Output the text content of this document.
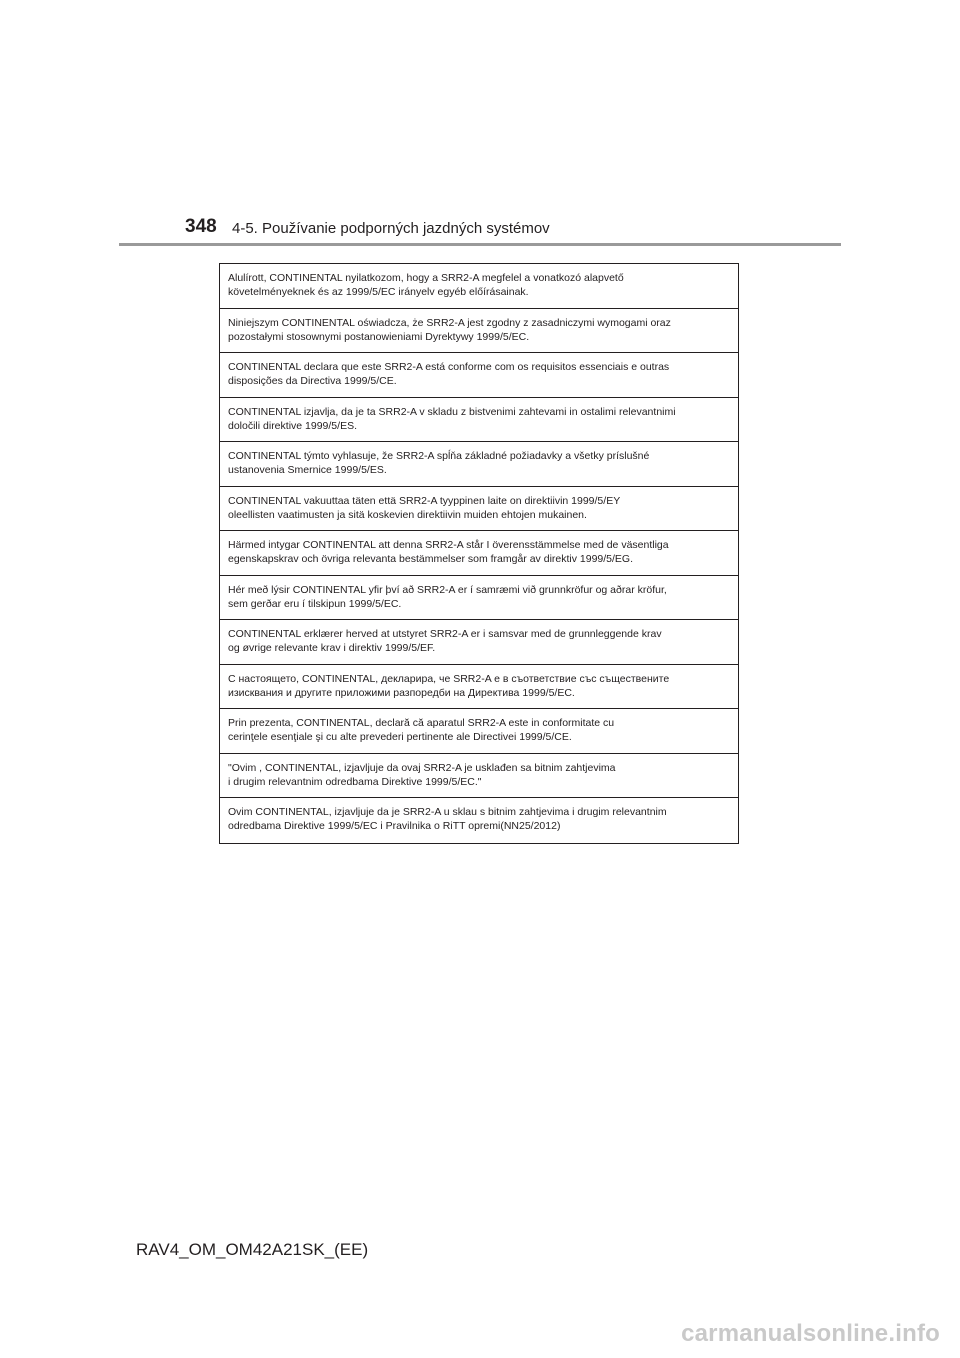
348 4-5. Používanie podporných jazdných systémov
Alulírott, CONTINENTAL nyilatkozom, hogy a SRR2-A megfelel a vonatkozó alapvető
követelményeknek és az 1999/5/EC irányelv egyéb előírásainak.
Niniejszym CONTINENTAL oświadcza, że SRR2-A jest zgodny z zasadniczymi wymogami oraz
pozostałymi stosownymi postanowieniami Dyrektywy 1999/5/EC.
CONTINENTAL declara que este SRR2-A está conforme com os requisitos essenciais e outras
disposições da Directiva 1999/5/CE.
CONTINENTAL izjavlja, da je ta SRR2-A v skladu z bistvenimi zahtevami in ostalimi relevantnimi
določili direktive 1999/5/ES.
CONTINENTAL týmto vyhlasuje, že SRR2-A spĺňa základné požiadavky a všetky príslušné
ustanovenia Smernice 1999/5/ES.
CONTINENTAL vakuuttaa täten että SRR2-A tyyppinen laite on direktiivin 1999/5/EY
oleellisten vaatimusten ja sitä koskevien direktiivin muiden ehtojen mukainen.
Härmed intygar CONTINENTAL att denna SRR2-A står I överensstämmelse med de väsentliga
egenskapskrav och övriga relevanta bestämmelser som framgår av direktiv 1999/5/EG.
Hér með lýsir CONTINENTAL yfir því að SRR2-A er í samræmi við grunnkröfur og aðrar kröfur,
sem gerðar eru í tilskipun 1999/5/EC.
CONTINENTAL erklærer herved at utstyret SRR2-A er i samsvar med de grunnleggende krav
og øvrige relevante krav i direktiv 1999/5/EF.
С настоящето, CONTINENTAL, декларира, че SRR2-A е в съответствие със съществените
изисквания и другите приложими разпоредби на Директива 1999/5/ЕС.
Prin prezenta, CONTINENTAL, declară că aparatul SRR2-A este in conformitate cu
cerinţele esenţiale şi cu alte prevederi pertinente ale Directivei 1999/5/CE.
"Ovim , CONTINENTAL, izjavljuje da ovaj SRR2-A je usklađen sa bitnim zahtjevima
i drugim relevantnim odredbama Direktive 1999/5/EC."
Ovim CONTINENTAL, izjavljuje da je SRR2-A u sklau s bitnim zahtjevima i drugim relevantnim
odredbama Direktive 1999/5/EC i Pravilnika o RiTT opremi(NN25/2012)
RAV4_OM_OM42A21SK_(EE)
carmanualsonline.info
